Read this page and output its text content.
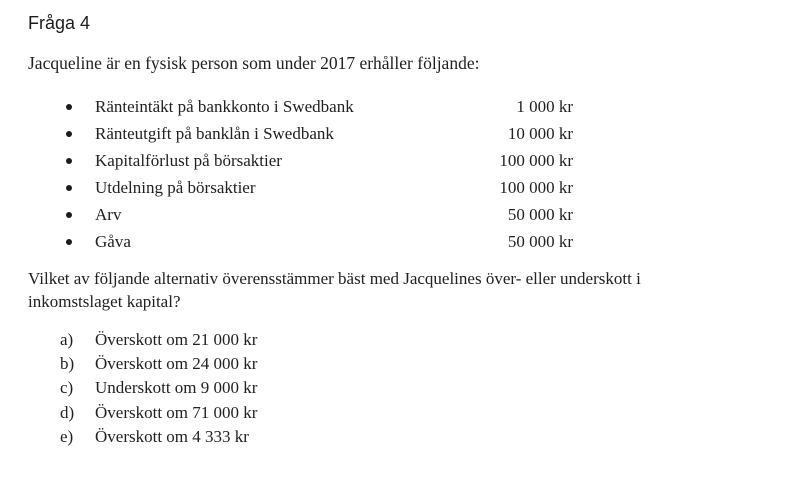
Fråga 4
Jacqueline är en fysisk person som under 2017 erhåller följande:
Ränteintäkt på bankkonto i Swedbank	1 000 kr
Ränteutgift på banklån i Swedbank	10 000 kr
Kapitalförlust på börsaktier	100 000 kr
Utdelning på börsaktier	100 000 kr
Arv	50 000 kr
Gåva	50 000 kr
Vilket av följande alternativ överensstämmer bäst med Jacquelines över- eller underskott i
inkomstslaget kapital?
a)	Överskott om 21 000 kr
b)	Överskott om 24 000 kr
c)	Underskott om 9 000 kr
d)	Överskott om 71 000 kr
e)	Överskott om 4 333 kr
